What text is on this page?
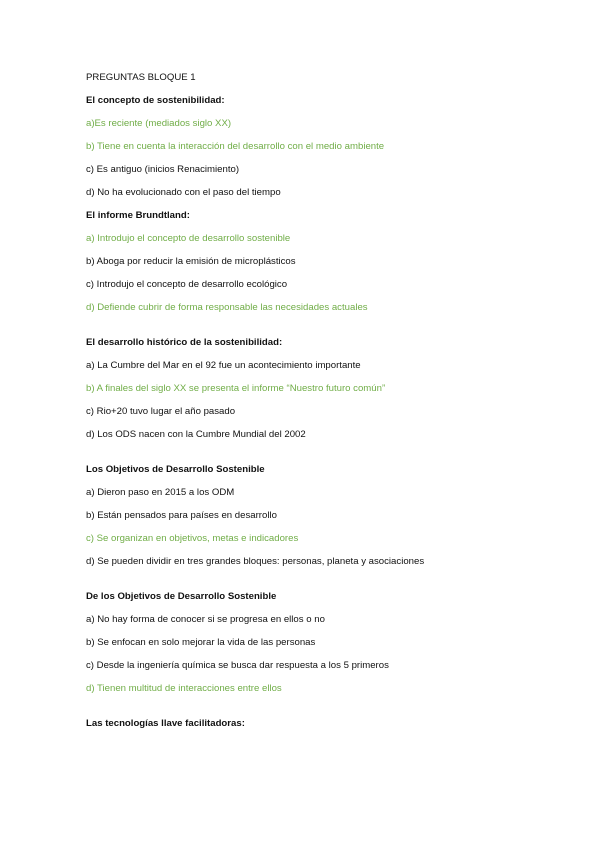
PREGUNTAS BLOQUE 1

El concepto de sostenibilidad:

a)Es reciente (mediados siglo XX)

b) Tiene en cuenta la interacción del desarrollo con el medio ambiente

c) Es antiguo (inicios Renacimiento)

d) No ha evolucionado con el paso del tiempo

El informe Brundtland:

a) Introdujo el concepto de desarrollo sostenible

b) Aboga por reducir la emisión de microplásticos

c) Introdujo el concepto de desarrollo ecológico

d) Defiende cubrir de forma responsable las necesidades actuales

El desarrollo histórico de la sostenibilidad:

a) La Cumbre del Mar en el 92 fue un acontecimiento importante

b) A finales del siglo XX se presenta el informe “Nuestro futuro común”

c) Rio+20 tuvo lugar el año pasado

d) Los ODS nacen con la Cumbre Mundial del 2002

Los Objetivos de Desarrollo Sostenible

a) Dieron paso en 2015 a los ODM

b) Están pensados para países en desarrollo

c) Se organizan en objetivos, metas e indicadores

d) Se pueden dividir en tres grandes bloques: personas, planeta y asociaciones

De los Objetivos de Desarrollo Sostenible

a) No hay forma de conocer si se progresa en ellos o no

b) Se enfocan en solo mejorar la vida de las personas

c) Desde la ingeniería química se busca dar respuesta a los 5 primeros

d) Tienen multitud de interacciones entre ellos

Las tecnologías llave facilitadoras:
